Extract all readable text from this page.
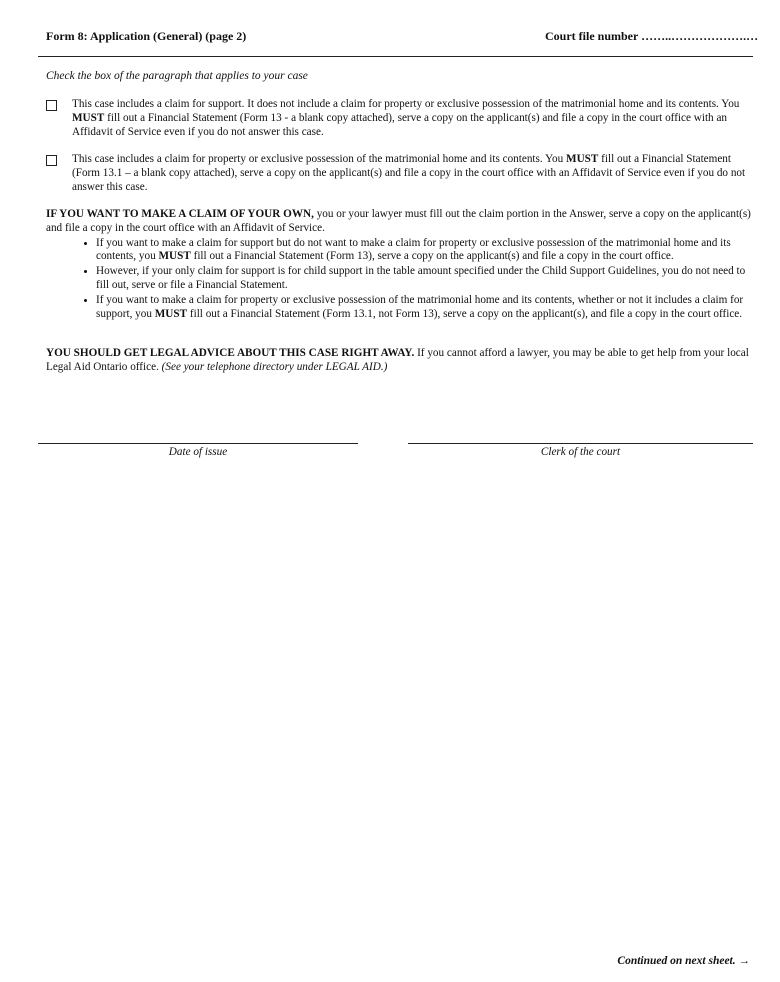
Form 8: Application (General) (page 2)	Court file number ……..……………….…
Check the box of the paragraph that applies to your case
This case includes a claim for support. It does not include a claim for property or exclusive possession of the matrimonial home and its contents. You MUST fill out a Financial Statement (Form 13 - a blank copy attached), serve a copy on the applicant(s) and file a copy in the court office with an Affidavit of Service even if you do not answer this case.
This case includes a claim for property or exclusive possession of the matrimonial home and its contents. You MUST fill out a Financial Statement (Form 13.1 – a blank copy attached), serve a copy on the applicant(s) and file a copy in the court office with an Affidavit of Service even if you do not answer this case.
IF YOU WANT TO MAKE A CLAIM OF YOUR OWN, you or your lawyer must fill out the claim portion in the Answer, serve a copy on the applicant(s) and file a copy in the court office with an Affidavit of Service.
• If you want to make a claim for support but do not want to make a claim for property or exclusive possession of the matrimonial home and its contents, you MUST fill out a Financial Statement (Form 13), serve a copy on the applicant(s) and file a copy in the court office.
• However, if your only claim for support is for child support in the table amount specified under the Child Support Guidelines, you do not need to fill out, serve or file a Financial Statement.
• If you want to make a claim for property or exclusive possession of the matrimonial home and its contents, whether or not it includes a claim for support, you MUST fill out a Financial Statement (Form 13.1, not Form 13), serve a copy on the applicant(s), and file a copy in the court office.
YOU SHOULD GET LEGAL ADVICE ABOUT THIS CASE RIGHT AWAY. If you cannot afford a lawyer, you may be able to get help from your local Legal Aid Ontario office. (See your telephone directory under LEGAL AID.)
Date of issue	Clerk of the court
Continued on next sheet. →
